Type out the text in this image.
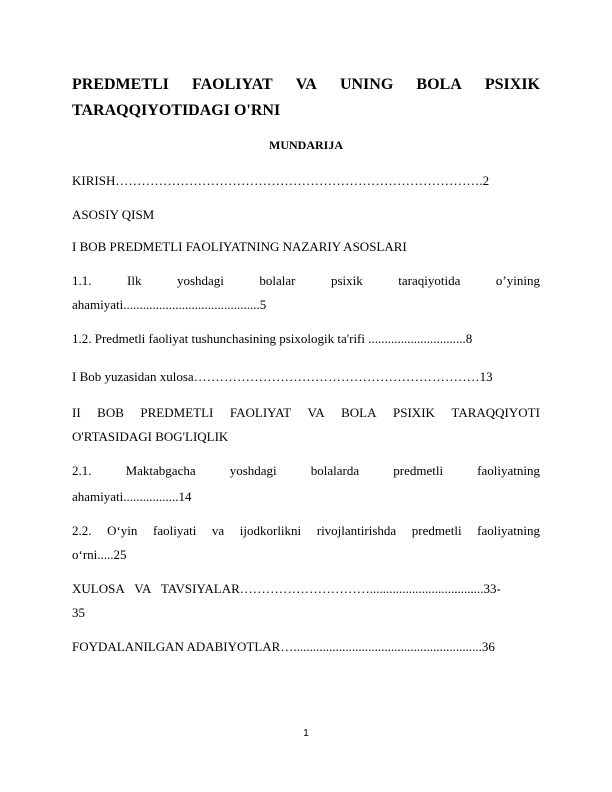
PREDMETLI FAOLIYAT VA UNING BOLA PSIXIK
TARAQQIYOTIDAGI O'RNI
MUNDARIJA
KIRISH………………………………………………………………………….2
ASOSIY QISM
I BOB PREDMETLI FAOLIYATNING NAZARIY ASOSLARI
1.1.	Ilk	yoshdagi	bolalar	psixik	taraqiyotida	o’yining
ahamiyati..........................................5
1.2. Predmetli faoliyat tushunchasining psixologik ta'rifi ..............................8
I Bob yuzasidan xulosa…………………………………………………………13
II BOB PREDMETLI FAOLIYAT VA BOLA PSIXIK TARAQQIYOTI
O'RTASIDAGI BOG'LIQLIK
2.1.	Maktabgacha	yoshdagi	bolalarda	predmetli	faoliyatning
ahamiyati.................14
2.2. O‘yin faoliyati va ijodkorlikni rivojlantirishda predmetli faoliyatning
o‘rni.....25
XULOSA VA TAVSIYALAR…………………………...................................33-
35
FOYDALANILGAN ADABIYOTLAR…..........................................................36
1
